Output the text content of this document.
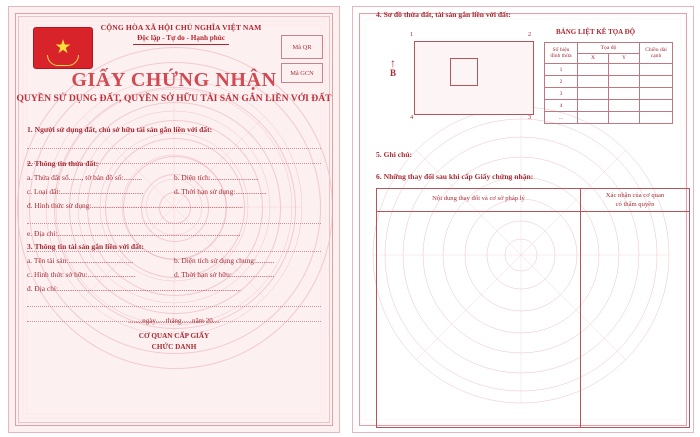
★
CỘNG HÒA XÃ HỘI CHỦ NGHĨA VIỆT NAM
Độc lập - Tự do - Hạnh phúc
Mã QR
Mã GCN
GIẤY CHỨNG NHẬN
QUYỀN SỬ DỤNG ĐẤT, QUYỀN SỞ HỮU TÀI SẢN GẮN LIỀN VỚI ĐẤT
1. Người sử dụng đất, chủ sở hữu tài sản gắn liền với đất:
2. Thông tin thửa đất:
a. Thửa đất số......., tờ bản đồ số:..........	b. Diện tích:..........................
c. Loại đất:.............................................	d. Thời hạn sử dụng:.................
đ. Hình thức sử dụng:..................................................................................
e. Địa chỉ:...................................................................................................
3. Thông tin tài sản gắn liền với đất:
a. Tên tài sản:...................................	b. Diện tích sử dụng chung:..........
c. Hình thức sở hữu:..........................	d. Thời hạn sở hữu:.......................
đ. Địa chỉ:...................................................................................................
........ngày......tháng......năm 20....
CƠ QUAN CẤP GIẤY
CHỨC DANH
4. Sơ đồ thửa đất, tài sản gắn liền với đất:
↑
B
1	2
4	3
BẢNG LIỆT KÊ TỌA ĐỘ
Số hiệu đỉnh thửa	Tọa độ		Chiều dài cạnh
	X	Y	
1			
2			
3			
4			
...			
5. Ghi chú:
6. Những thay đổi sau khi cấp Giấy chứng nhận:
Nội dung thay đổi và cơ sở pháp lý	Xác nhận của cơ quan
có thẩm quyền
